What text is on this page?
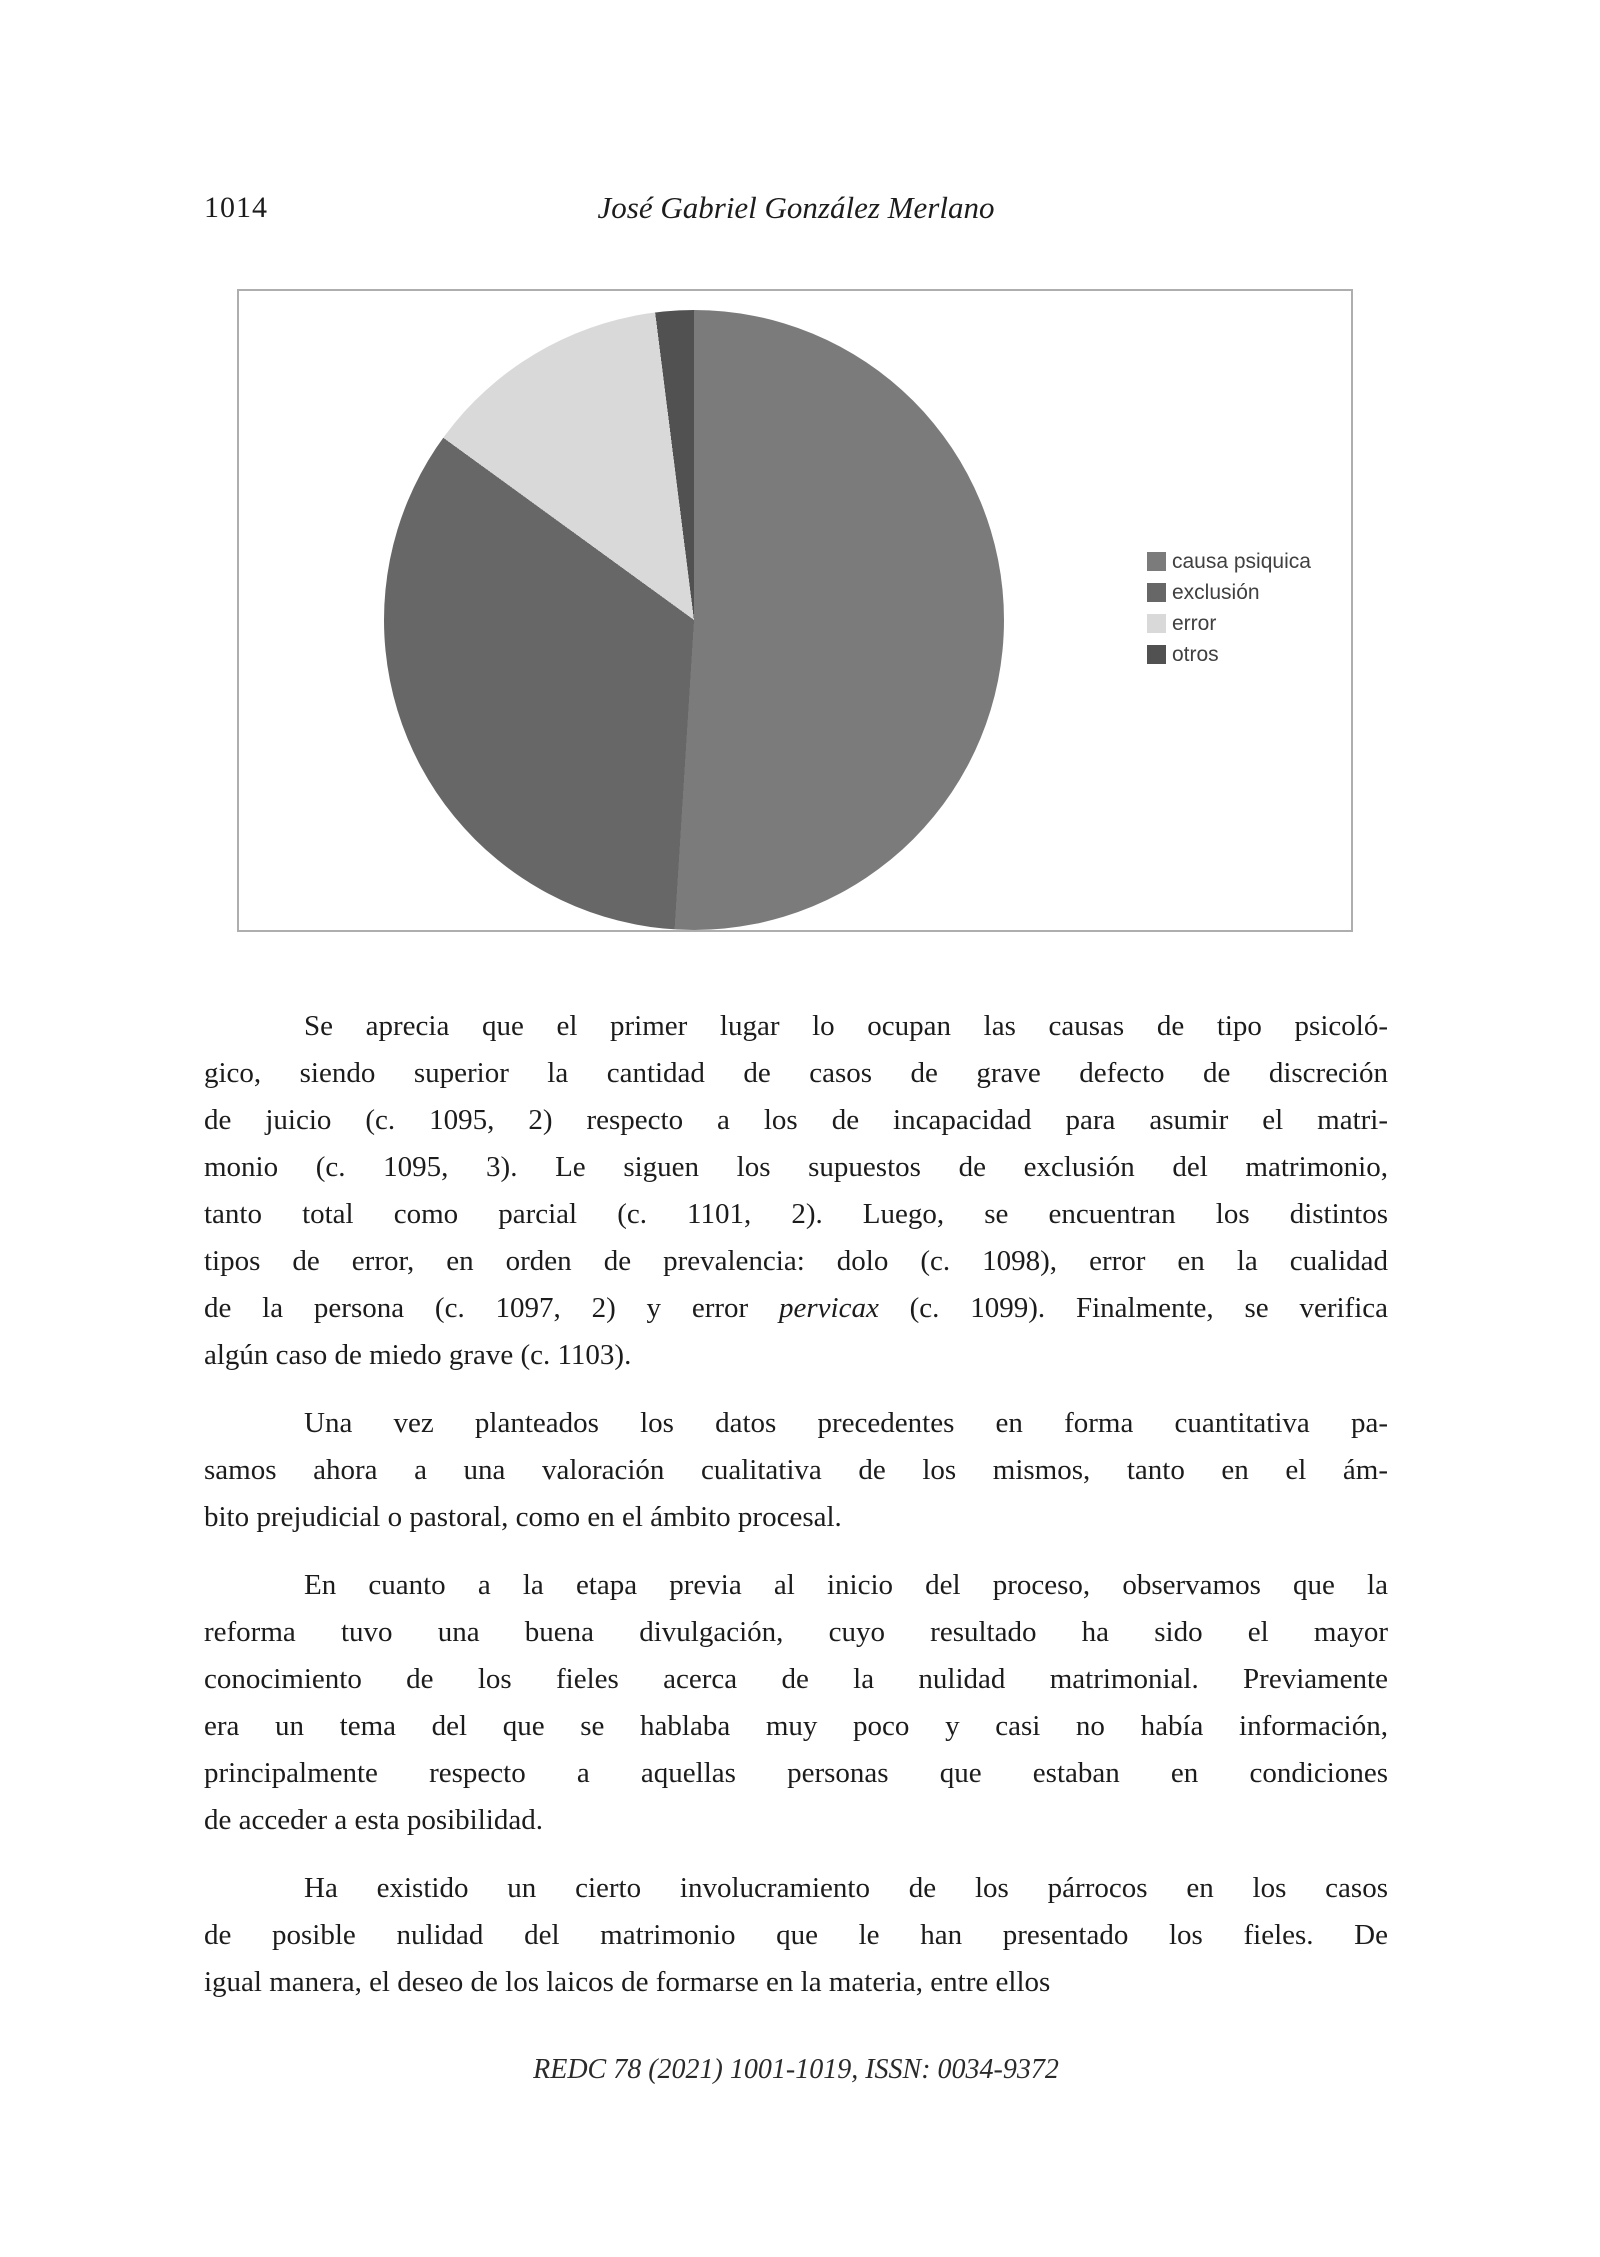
1014	José Gabriel González Merlano
causa psiquica
exclusión
error
otros
Se aprecia que el primer lugar lo ocupan las causas de tipo psicoló-
gico, siendo superior la cantidad de casos de grave defecto de discreción
de juicio (c. 1095, 2) respecto a los de incapacidad para asumir el matri-
monio (c. 1095, 3). Le siguen los supuestos de exclusión del matrimonio,
tanto total como parcial (c. 1101, 2). Luego, se encuentran los distintos
tipos de error, en orden de prevalencia: dolo (c. 1098), error en la cualidad
de la persona (c. 1097, 2) y error pervicax (c. 1099). Finalmente, se verifica
algún caso de miedo grave (c. 1103).
Una vez planteados los datos precedentes en forma cuantitativa pa-
samos ahora a una valoración cualitativa de los mismos, tanto en el ám-
bito prejudicial o pastoral, como en el ámbito procesal.
En cuanto a la etapa previa al inicio del proceso, observamos que la
reforma tuvo una buena divulgación, cuyo resultado ha sido el mayor
conocimiento de los fieles acerca de la nulidad matrimonial. Previamente
era un tema del que se hablaba muy poco y casi no había información,
principalmente respecto a aquellas personas que estaban en condiciones
de acceder a esta posibilidad.
Ha existido un cierto involucramiento de los párrocos en los casos
de posible nulidad del matrimonio que le han presentado los fieles. De
igual manera, el deseo de los laicos de formarse en la materia, entre ellos
REDC 78 (2021) 1001-1019, ISSN: 0034-9372
